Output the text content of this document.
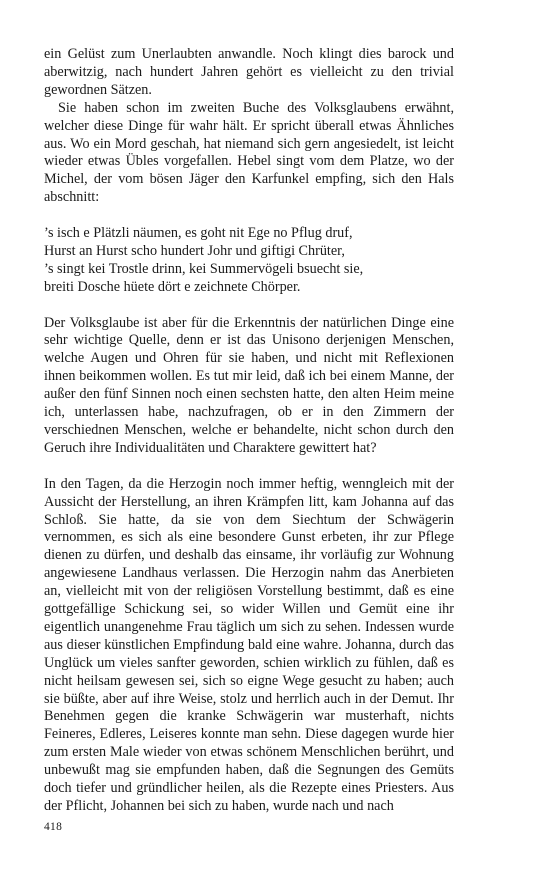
ein Gelüst zum Unerlaubten anwandle. Noch klingt dies barock und aberwitzig, nach hundert Jahren gehört es vielleicht zu den trivial gewordnen Sätzen.

Sie haben schon im zweiten Buche des Volksglaubens erwähnt, welcher diese Dinge für wahr hält. Er spricht überall etwas Ähnliches aus. Wo ein Mord geschah, hat niemand sich gern angesiedelt, ist leicht wieder etwas Übles vorgefallen. Hebel singt vom dem Platze, wo der Michel, der vom bösen Jäger den Karfunkel empfing, sich den Hals abschnitt:

’s isch e Plätzli näumen, es goht nit Ege no Pflug druf,
Hurst an Hurst scho hundert Johr und giftigi Chrüter,
’s singt kei Trostle drinn, kei Summervögeli bsuecht sie,
breiti Dosche hüete dört e zeichnete Chörper.

Der Volksglaube ist aber für die Erkenntnis der natürlichen Dinge eine sehr wichtige Quelle, denn er ist das Unisono derjenigen Menschen, welche Augen und Ohren für sie haben, und nicht mit Reflexionen ihnen beikommen wollen. Es tut mir leid, daß ich bei einem Manne, der außer den fünf Sinnen noch einen sechsten hatte, den alten Heim meine ich, unterlassen habe, nachzufragen, ob er in den Zimmern der verschiednen Menschen, welche er behandelte, nicht schon durch den Geruch ihre Individualitäten und Charaktere gewittert hat?

In den Tagen, da die Herzogin noch immer heftig, wenngleich mit der Aussicht der Herstellung, an ihren Krämpfen litt, kam Johanna auf das Schloß. Sie hatte, da sie von dem Siechtum der Schwägerin vernommen, es sich als eine besondere Gunst erbeten, ihr zur Pflege dienen zu dürfen, und deshalb das einsame, ihr vorläufig zur Wohnung angewiesene Landhaus verlassen. Die Herzogin nahm das Anerbieten an, vielleicht mit von der religiösen Vorstellung bestimmt, daß es eine gottgefällige Schickung sei, so wider Willen und Gemüt eine ihr eigentlich unangenehme Frau täglich um sich zu sehen. Indessen wurde aus dieser künstlichen Empfindung bald eine wahre. Johanna, durch das Unglück um vieles sanfter geworden, schien wirklich zu fühlen, daß es nicht heilsam gewesen sei, sich so eigne Wege gesucht zu haben; auch sie büßte, aber auf ihre Weise, stolz und herrlich auch in der Demut. Ihr Benehmen gegen die kranke Schwägerin war musterhaft, nichts Feineres, Edleres, Leiseres konnte man sehn. Diese dagegen wurde hier zum ersten Male wieder von etwas schönem Menschlichen berührt, und unbewußt mag sie empfunden haben, daß die Segnungen des Gemüts doch tiefer und gründlicher heilen, als die Rezepte eines Priesters. Aus der Pflicht, Johannen bei sich zu haben, wurde nach und nach

418
